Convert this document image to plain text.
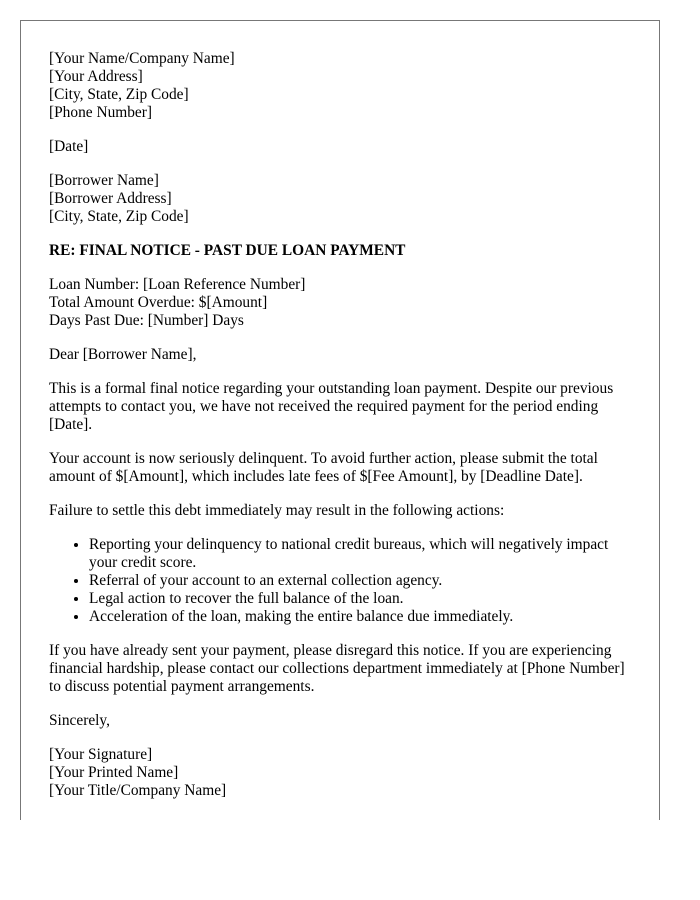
[Your Name/Company Name]
[Your Address]
[City, State, Zip Code]
[Phone Number]
[Date]
[Borrower Name]
[Borrower Address]
[City, State, Zip Code]
RE: FINAL NOTICE - PAST DUE LOAN PAYMENT
Loan Number: [Loan Reference Number]
Total Amount Overdue: $[Amount]
Days Past Due: [Number] Days

Dear [Borrower Name],

This is a formal final notice regarding your outstanding loan payment. Despite our previous attempts to contact you, we have not received the required payment for the period ending [Date].

Your account is now seriously delinquent. To avoid further action, please submit the total amount of $[Amount], which includes late fees of $[Fee Amount], by [Deadline Date].

Failure to settle this debt immediately may result in the following actions:

• Reporting your delinquency to national credit bureaus, which will negatively impact your credit score.
• Referral of your account to an external collection agency.
• Legal action to recover the full balance of the loan.
• Acceleration of the loan, making the entire balance due immediately.

If you have already sent your payment, please disregard this notice. If you are experiencing financial hardship, please contact our collections department immediately at [Phone Number] to discuss potential payment arrangements.

Sincerely,

[Your Signature]
[Your Printed Name]
[Your Title/Company Name]
